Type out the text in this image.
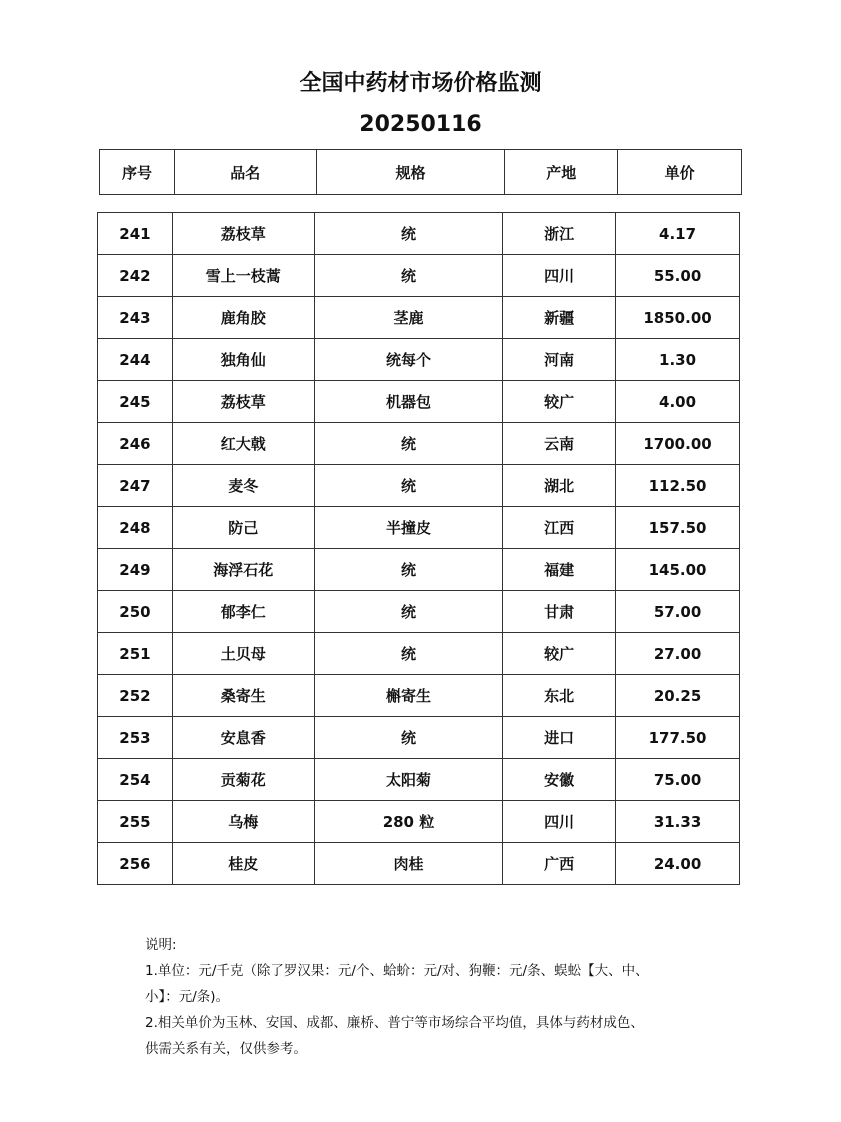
全国中药材市场价格监测
20250116
序号	品名	规格	产地	单价
241	荔枝草	统	浙江	4.17
242	雪上一枝蒿	统	四川	55.00
243	鹿角胶	茎鹿	新疆	1850.00
244	独角仙	统每个	河南	1.30
245	荔枝草	机器包	较广	4.00
246	红大戟	统	云南	1700.00
247	麦冬	统	湖北	112.50
248	防己	半撞皮	江西	157.50
249	海浮石花	统	福建	145.00
250	郁李仁	统	甘肃	57.00
251	土贝母	统	较广	27.00
252	桑寄生	槲寄生	东北	20.25
253	安息香	统	进口	177.50
254	贡菊花	太阳菊	安徽	75.00
255	乌梅	280 粒	四川	31.33
256	桂皮	肉桂	广西	24.00
说明:
1.单位：元/千克（除了罗汉果：元/个、蛤蚧：元/对、狗鞭：元/条、蜈蚣【大、中、
小】：元/条)。
2.相关单价为玉林、安国、成都、廉桥、普宁等市场综合平均值，具体与药材成色、
供需关系有关，仅供参考。
